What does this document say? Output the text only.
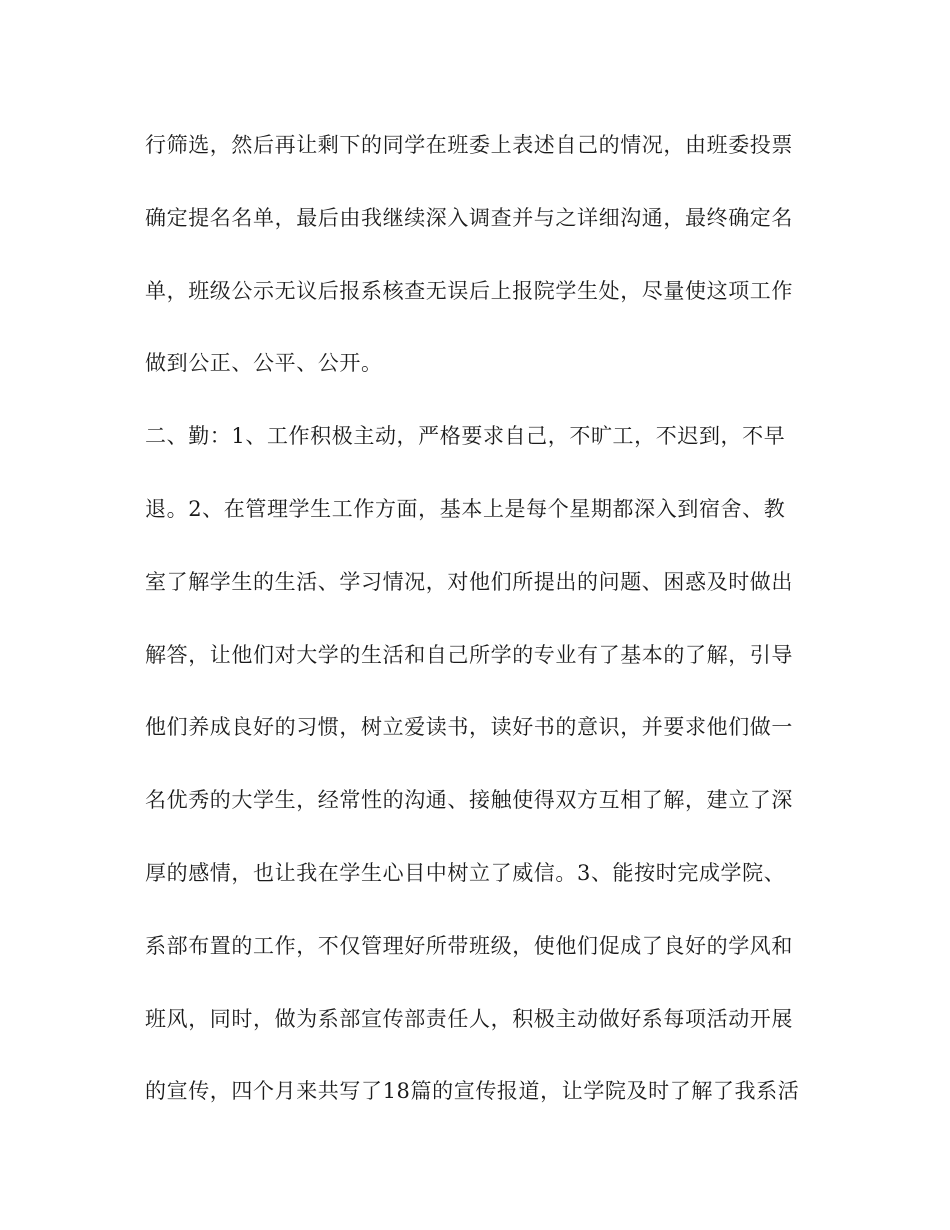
行筛选，然后再让剩下的同学在班委上表述自己的情况，由班委投票
确定提名名单，最后由我继续深入调查并与之详细沟通，最终确定名
单，班级公示无议后报系核查无误后上报院学生处，尽量使这项工作
做到公正、公平、公开。
二、勤：1、工作积极主动，严格要求自己，不旷工，不迟到，不早
退。2、在管理学生工作方面，基本上是每个星期都深入到宿舍、教
室了解学生的生活、学习情况，对他们所提出的问题、困惑及时做出
解答，让他们对大学的生活和自己所学的专业有了基本的了解，引导
他们养成良好的习惯，树立爱读书，读好书的意识，并要求他们做一
名优秀的大学生，经常性的沟通、接触使得双方互相了解，建立了深
厚的感情，也让我在学生心目中树立了威信。3、能按时完成学院、
系部布置的工作，不仅管理好所带班级，使他们促成了良好的学风和
班风，同时，做为系部宣传部责任人，积极主动做好系每项活动开展
的宣传，四个月来共写了18篇的宣传报道，让学院及时了解了我系活
